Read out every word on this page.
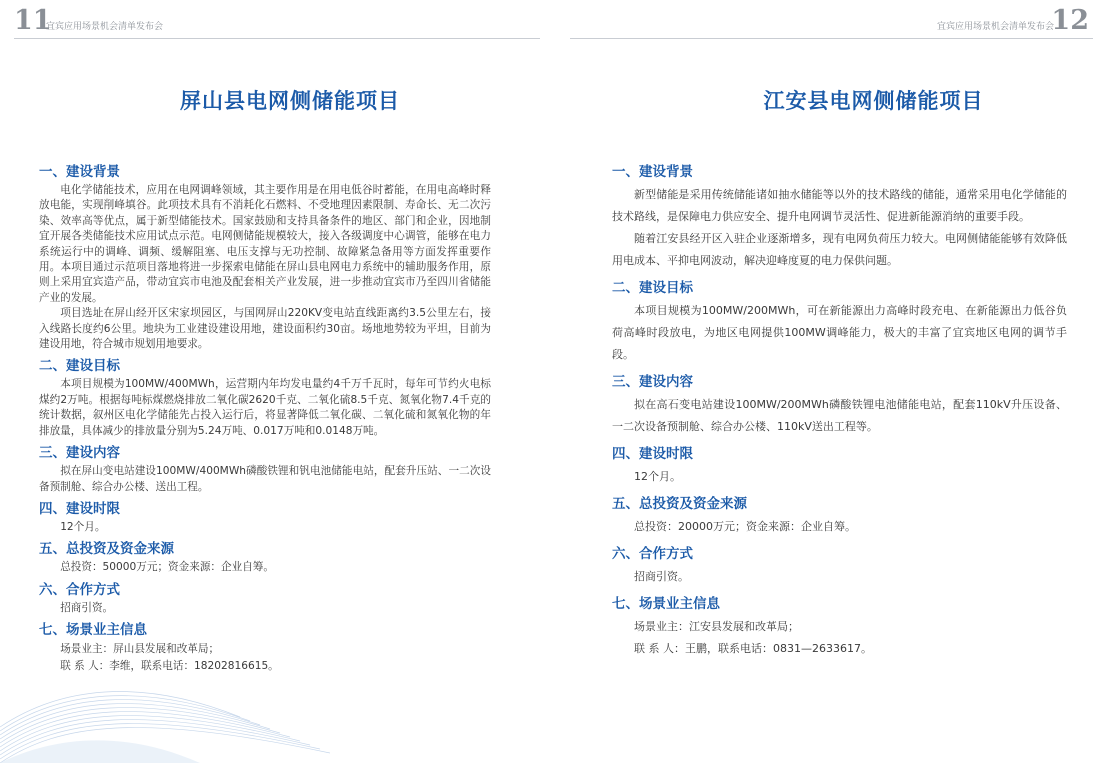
11
宜宾应用场景机会清单发布会
屏山县电网侧储能项目
一、建设背景

电化学储能技术，应用在电网调峰领域，其主要作用是在用电低谷时蓄能，在用电高峰时释放电能，实现削峰填谷。此项技术具有不消耗化石燃料、不受地理因素限制、寿命长、无二次污染、效率高等优点，属于新型储能技术。国家鼓励和支持具备条件的地区、部门和企业，因地制宜开展各类储能技术应用试点示范。电网侧储能规模较大，接入各级调度中心调管，能够在电力系统运行中的调峰、调频、缓解阻塞、电压支撑与无功控制、故障紧急备用等方面发挥重要作用。本项目通过示范项目落地将进一步探索电储能在屏山县电网电力系统中的辅助服务作用，原则上采用宜宾造产品，带动宜宾市电池及配套相关产业发展，进一步推动宜宾市乃至四川省储能产业的发展。

项目选址在屏山经开区宋家坝园区，与国网屏山220KV变电站直线距离约3.5公里左右，接入线路长度约6公里。地块为工业建设建设用地，建设面积约30亩。场地地势较为平坦，目前为建设用地，符合城市规划用地要求。

二、建设目标

本项目规模为100MW/400MWh，运营期内年均发电量约4千万千瓦时，每年可节约火电标煤约2万吨。根据每吨标煤燃烧排放二氧化碳2620千克、二氧化硫8.5千克、氮氧化物7.4千克的统计数据，叙州区电化学储能先占投入运行后，将显著降低二氧化碳、二氧化硫和氮氧化物的年排放量，具体减少的排放量分别为5.24万吨、0.017万吨和0.0148万吨。

三、建设内容

拟在屏山变电站建设100MW/400MWh磷酸铁锂和钒电池储能电站，配套升压站、一二次设备预制舱、综合办公楼、送出工程。

四、建设时限

12个月。

五、总投资及资金来源

总投资：50000万元；资金来源：企业自筹。

六、合作方式

招商引资。

七、场景业主信息

场景业主：屏山县发展和改革局；

联 系 人：李维，联系电话：18202816615。

宜宾应用场景机会清单发布会
12
江安县电网侧储能项目
一、建设背景

新型储能是采用传统储能诸如抽水储能等以外的技术路线的储能，通常采用电化学储能的技术路线，是保障电力供应安全、提升电网调节灵活性、促进新能源消纳的重要手段。

随着江安县经开区入驻企业逐渐增多，现有电网负荷压力较大。电网侧储能能够有效降低用电成本、平抑电网波动，解决迎峰度夏的电力保供问题。

二、建设目标

本项目规模为100MW/200MWh，可在新能源出力高峰时段充电、在新能源出力低谷负荷高峰时段放电，为地区电网提供100MW调峰能力，极大的丰富了宜宾地区电网的调节手段。

三、建设内容

拟在高石变电站建设100MW/200MWh磷酸铁锂电池储能电站，配套110kV升压设备、一二次设备预制舱、综合办公楼、110kV送出工程等。

四、建设时限

12个月。

五、总投资及资金来源

总投资：20000万元；资金来源：企业自筹。

六、合作方式

招商引资。

七、场景业主信息

场景业主：江安县发展和改革局；

联 系 人：王鹏，联系电话：0831—2633617。
